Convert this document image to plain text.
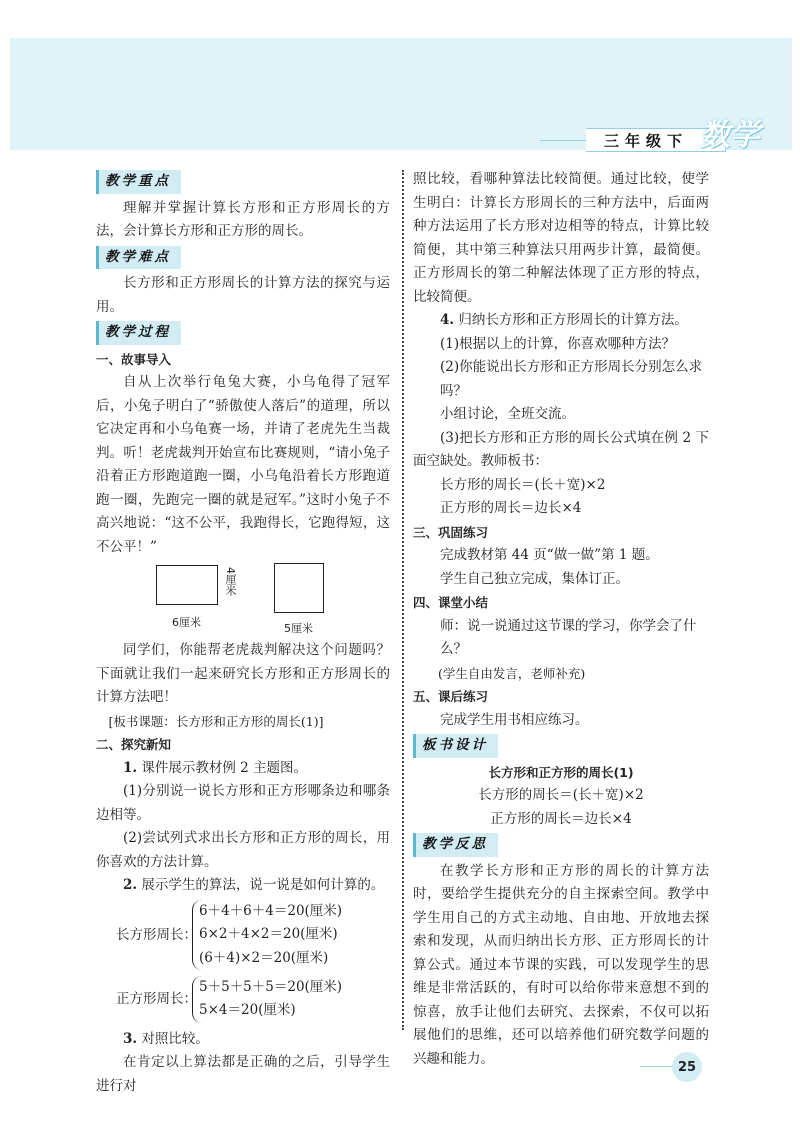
三年级下 数学
教学重点
理解并掌握计算长方形和正方形周长的方法，会计算长方形和正方形的周长。
教学难点
长方形和正方形周长的计算方法的探究与运用。
教学过程
一、故事导入
自从上次举行龟兔大赛，小乌龟得了冠军后，小兔子明白了“骄傲使人落后”的道理，所以它决定再和小乌龟赛一场，并请了老虎先生当裁判。听！老虎裁判开始宣布比赛规则，“请小兔子沿着正方形跑道跑一圈，小乌龟沿着长方形跑道跑一圈，先跑完一圈的就是冠军。”这时小兔子不高兴地说：“这不公平，我跑得长，它跑得短，这不公平！”
4厘米
6厘米	5厘米
同学们，你能帮老虎裁判解决这个问题吗？下面就让我们一起来研究长方形和正方形周长的计算方法吧！
[板书课题：长方形和正方形的周长(1)]
二、探究新知
1. 课件展示教材例 2 主题图。
(1)分别说一说长方形和正方形哪条边和哪条边相等。
(2)尝试列式求出长方形和正方形的周长，用你喜欢的方法计算。
2. 展示学生的算法，说一说是如何计算的。
长方形周长：
6＋4＋6＋4＝20(厘米)
6×2＋4×2＝20(厘米)
(6＋4)×2＝20(厘米)
正方形周长：
5＋5＋5＋5＝20(厘米)
5×4＝20(厘米)
3. 对照比较。
在肯定以上算法都是正确的之后，引导学生进行对
照比较，看哪种算法比较简便。通过比较，使学生明白：计算长方形周长的三种方法中，后面两种方法运用了长方形对边相等的特点，计算比较简便，其中第三种算法只用两步计算，最简便。正方形周长的第二种解法体现了正方形的特点，比较简便。
4. 归纳长方形和正方形周长的计算方法。
(1)根据以上的计算，你喜欢哪种方法？
(2)你能说出长方形和正方形周长分别怎么求吗？
小组讨论，全班交流。
(3)把长方形和正方形的周长公式填在例 2 下面空缺处。教师板书：
长方形的周长＝(长＋宽)×2
正方形的周长＝边长×4
三、巩固练习
完成教材第 44 页“做一做”第 1 题。
学生自己独立完成，集体订正。
四、课堂小结
师：说一说通过这节课的学习，你学会了什么？
(学生自由发言，老师补充)
五、课后练习
完成学生用书相应练习。
板书设计
长方形和正方形的周长(1)
长方形的周长＝(长＋宽)×2
正方形的周长＝边长×4
教学反思
在教学长方形和正方形的周长的计算方法时，要给学生提供充分的自主探索空间。教学中学生用自己的方式主动地、自由地、开放地去探索和发现，从而归纳出长方形、正方形周长的计算公式。通过本节课的实践，可以发现学生的思维是非常活跃的，有时可以给你带来意想不到的惊喜，放手让他们去研究、去探索，不仅可以拓展他们的思维，还可以培养他们研究数学问题的兴趣和能力。
25
